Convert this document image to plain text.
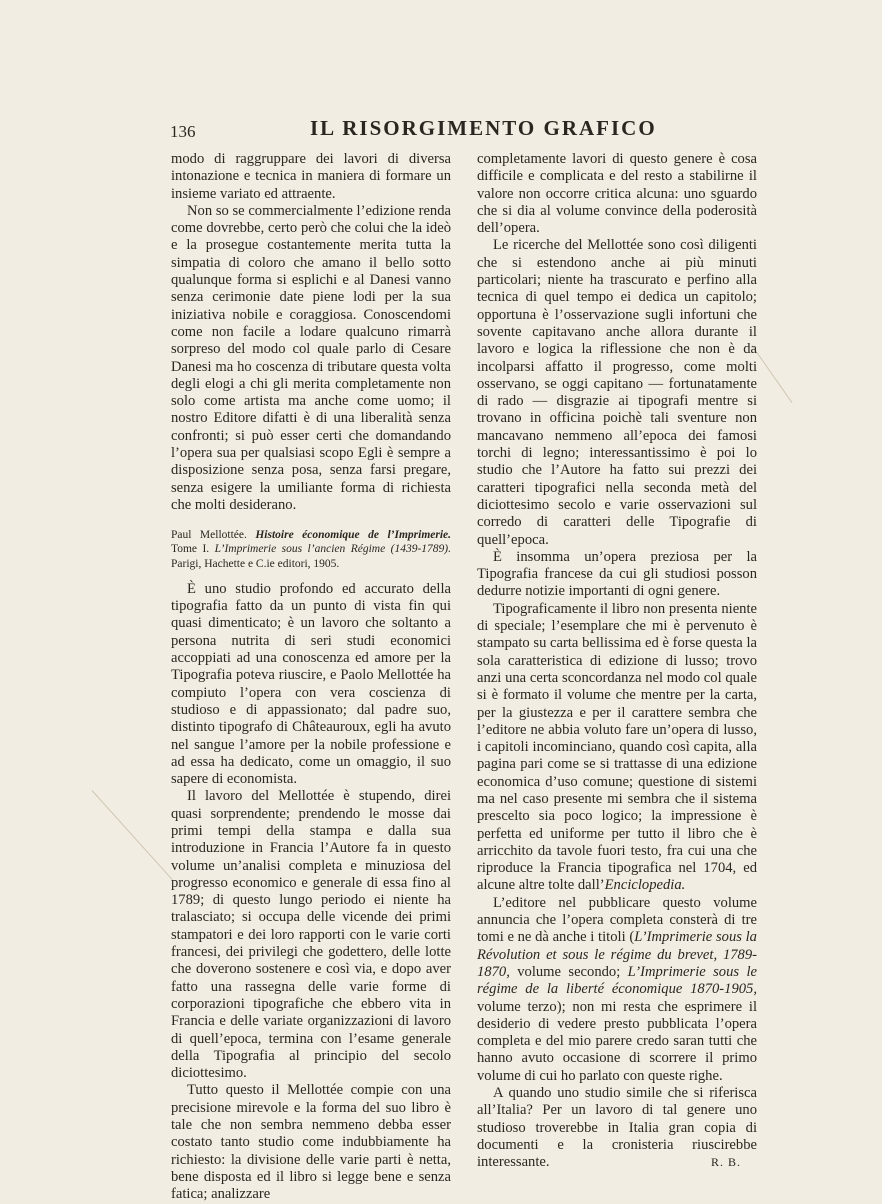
136	IL RISORGIMENTO GRAFICO

modo di raggruppare dei lavori di diversa intonazione e tecnica in maniera di formare un insieme variato ed attraente.

Non so se commercialmente l’edizione renda come dovrebbe, certo però che colui che la ideò e la prosegue costantemente merita tutta la simpatia di coloro che amano il bello sotto qualunque forma si esplichi e al Danesi vanno senza cerimonie date piene lodi per la sua iniziativa nobile e coraggiosa. Conoscendomi come non facile a lodare qualcuno rimarrà sorpreso del modo col quale parlo di Cesare Danesi ma ho coscenza di tributare questa volta degli elogi a chi gli merita completamente non solo come artista ma anche come uomo; il nostro Editore difatti è di una liberalità senza confronti; si può esser certi che domandando l’opera sua per qualsiasi scopo Egli è sempre a disposizione senza posa, senza farsi pregare, senza esigere la umiliante forma di richiesta che molti desiderano.

Paul Mellottée. Histoire économique de l’Imprimerie. Tome I. L’Imprimerie sous l’ancien Régime (1439-1789). Parigi, Hachette e C.ie editori, 1905.

È uno studio profondo ed accurato della tipografia fatto da un punto di vista fin qui quasi dimenticato; è un lavoro che soltanto a persona nutrita di seri studi economici accoppiati ad una conoscenza ed amore per la Tipografia poteva riuscire, e Paolo Mellottée ha compiuto l’opera con vera coscienza di studioso e di appassionato; dal padre suo, distinto tipografo di Châteauroux, egli ha avuto nel sangue l’amore per la nobile professione e ad essa ha dedicato, come un omaggio, il suo sapere di economista.

Il lavoro del Mellottée è stupendo, direi quasi sorprendente; prendendo le mosse dai primi tempi della stampa e dalla sua introduzione in Francia l’Autore fa in questo volume un’analisi completa e minuziosa del progresso economico e generale di essa fino al 1789; di questo lungo periodo ei niente ha tralasciato; si occupa delle vicende dei primi stampatori e dei loro rapporti con le varie corti francesi, dei privilegi che godettero, delle lotte che doverono sostenere e così via, e dopo aver fatto una rassegna delle varie forme di corporazioni tipografiche che ebbero vita in Francia e delle variate organizzazioni di lavoro di quell’epoca, termina con l’esame generale della Tipografia al principio del secolo diciottesimo.

Tutto questo il Mellottée compie con una precisione mirevole e la forma del suo libro è tale che non sembra nemmeno debba esser costato tanto studio come indubbiamente ha richiesto: la divisione delle varie parti è netta, bene disposta ed il libro si legge bene e senza fatica; analizzare

completamente lavori di questo genere è cosa difficile e complicata e del resto a stabilirne il valore non occorre critica alcuna: uno sguardo che si dia al volume convince della poderosità dell’opera.

Le ricerche del Mellottée sono così diligenti che si estendono anche ai più minuti particolari; niente ha trascurato e perfino alla tecnica di quel tempo ei dedica un capitolo; opportuna è l’osservazione sugli infortuni che sovente capitavano anche allora durante il lavoro e logica la riflessione che non è da incolparsi affatto il progresso, come molti osservano, se oggi capitano — fortunatamente di rado — disgrazie ai tipografi mentre si trovano in officina poichè tali sventure non mancavano nemmeno all’epoca dei famosi torchi di legno; interessantissimo è poi lo studio che l’Autore ha fatto sui prezzi dei caratteri tipografici nella seconda metà del diciottesimo secolo e varie osservazioni sul corredo di caratteri delle Tipografie di quell’epoca.

È insomma un’opera preziosa per la Tipografia francese da cui gli studiosi posson dedurre notizie importanti di ogni genere.

Tipograficamente il libro non presenta niente di speciale; l’esemplare che mi è pervenuto è stampato su carta bellissima ed è forse questa la sola caratteristica di edizione di lusso; trovo anzi una certa sconcordanza nel modo col quale si è formato il volume che mentre per la carta, per la giustezza e per il carattere sembra che l’editore ne abbia voluto fare un’opera di lusso, i capitoli incominciano, quando così capita, alla pagina pari come se si trattasse di una edizione economica d’uso comune; questione di sistemi ma nel caso presente mi sembra che il sistema prescelto sia poco logico; la impressione è perfetta ed uniforme per tutto il libro che è arricchito da tavole fuori testo, fra cui una che riproduce la Francia tipografica nel 1704, ed alcune altre tolte dall’Enciclopedia.

L’editore nel pubblicare questo volume annuncia che l’opera completa consterà di tre tomi e ne dà anche i titoli (L’Imprimerie sous la Révolution et sous le régime du brevet, 1789-1870, volume secondo; L’Imprimerie sous le régime de la liberté économique 1870-1905, volume terzo); non mi resta che esprimere il desiderio di vedere presto pubblicata l’opera completa e del mio parere credo saran tutti che hanno avuto occasione di scorrere il primo volume di cui ho parlato con queste righe.

A quando uno studio simile che si riferisca all’Italia? Per un lavoro di tal genere uno studioso troverebbe in Italia gran copia di documenti e la cronisteria riuscirebbe interessante.	R. B.
